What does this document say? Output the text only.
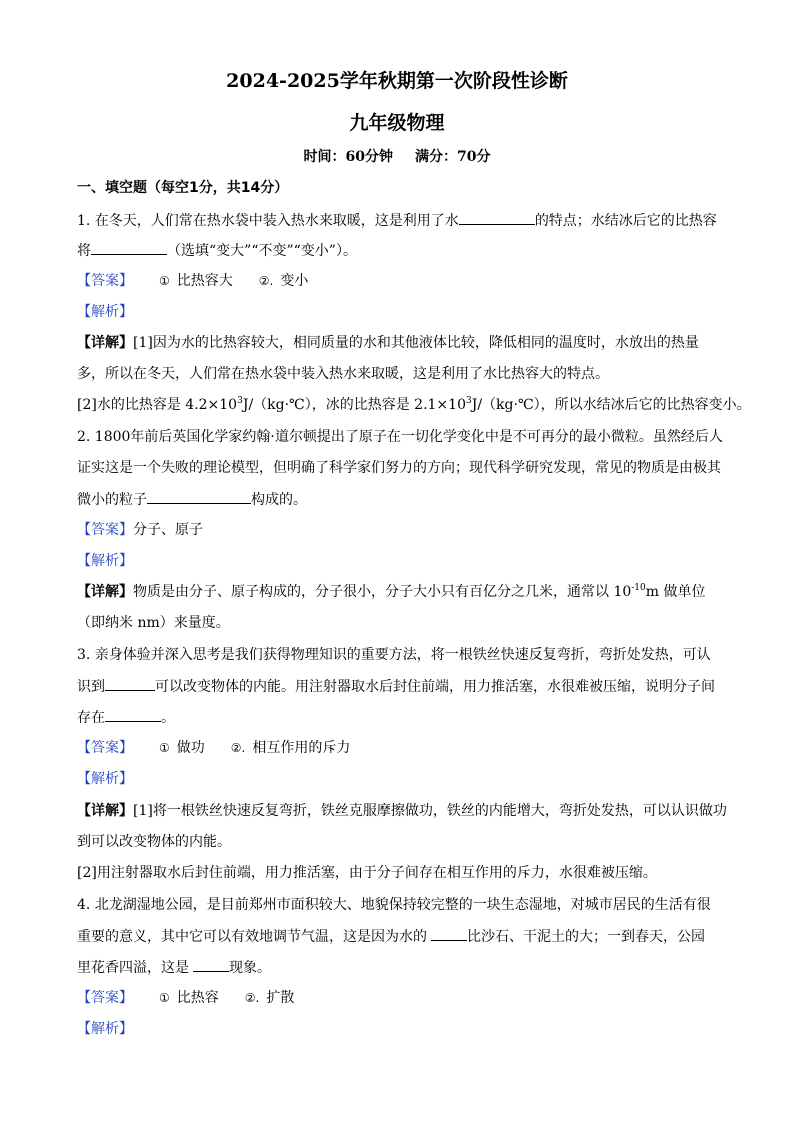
2024-2025学年秋期第一次阶段性诊断
九年级物理
时间：60分钟 满分：70分
一、填空题（每空1分，共14分）
1. 在冬天，人们常在热水袋中装入热水来取暖，这是利用了水	的特点；水结冰后它的比热容
将	（选填“变大”“不变”“变小”）。
【答案】 ① 比热容大 ②. 变小
【解析】
【详解】[1]因为水的比热容较大，相同质量的水和其他液体比较，降低相同的温度时，水放出的热量
多，所以在冬天，人们常在热水袋中装入热水来取暖，这是利用了水比热容大的特点。
[2]水的比热容是 $4.2\times 10^3J/(kg\cdot℃)$，冰的比热容是 $2.1\times 10^3J/(kg\cdot℃)$，所以水结冰后它的比热容变小。
2. 1800年前后英国化学家约翰·道尔顿提出了原子在一切化学变化中是不可再分的最小微粒。虽然经后人
证实这是一个失败的理论模型，但明确了科学家们努力的方向；现代科学研究发现，常见的物质是由极其
微小的粒子	构成的。
【答案】分子、原子
【解析】
【详解】物质是由分子、原子构成的，分子很小，分子大小只有百亿分之几米，通常以 $10^{-10}m$ 做单位
（即纳米 nm）来量度。
3. 亲身体验并深入思考是我们获得物理知识的重要方法，将一根铁丝快速反复弯折，弯折处发热，可认
识到	可以改变物体的内能。用注射器取水后封住前端，用力推活塞，水很难被压缩，说明分子间
存在	。
【答案】 ① 做功 ②. 相互作用的斥力
【解析】
【详解】[1]将一根铁丝快速反复弯折，铁丝克服摩擦做功，铁丝的内能增大，弯折处发热，可以认识做功
到可以改变物体的内能。
[2]用注射器取水后封住前端，用力推活塞，由于分子间存在相互作用的斥力，水很难被压缩。
4. 北龙湖湿地公园，是目前郑州市面积较大、地貌保持较完整的一块生态湿地，对城市居民的生活有很
重要的意义，其中它可以有效地调节气温，这是因为水的	比沙石、干泥土的大；一到春天，公园
里花香四溢，这是	现象。
【答案】 ① 比热容 ②. 扩散
【解析】
